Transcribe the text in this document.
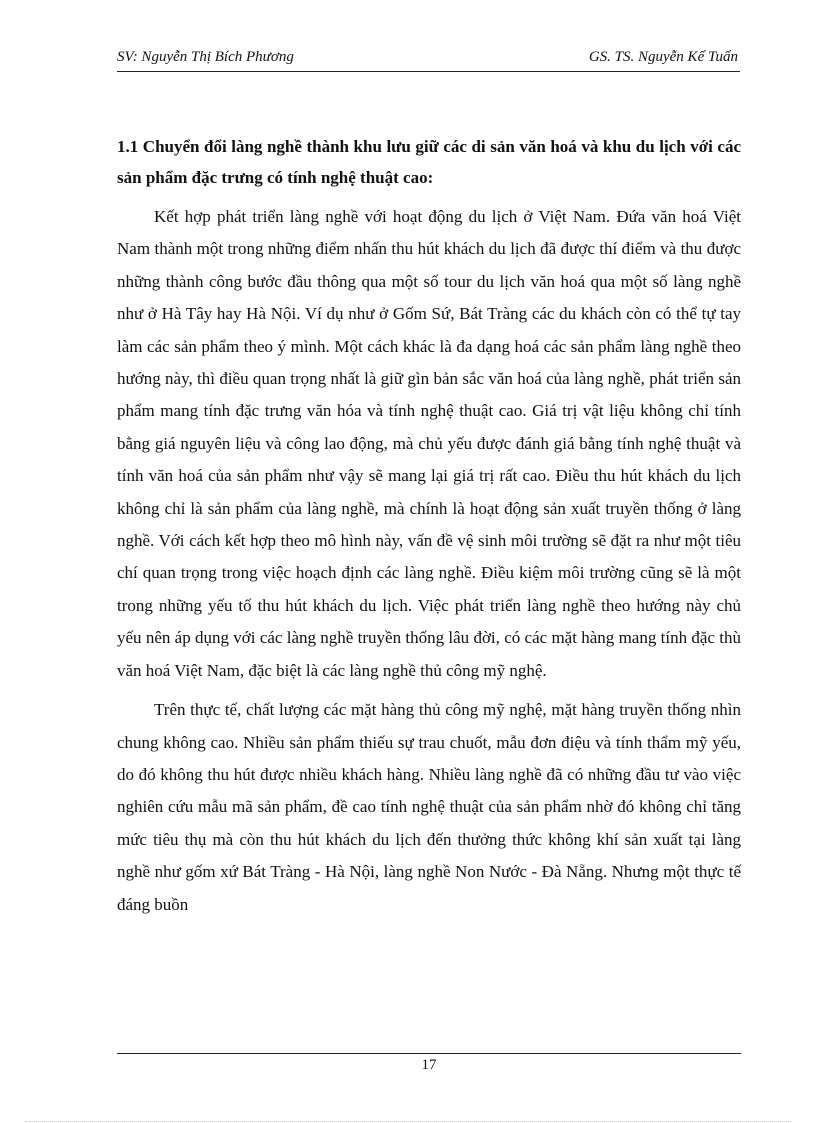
SV: Nguyễn Thị Bích Phương	GS. TS. Nguyễn Kế Tuấn
1.1 Chuyển đổi làng nghề thành khu lưu giữ các di sản văn hoá và khu du lịch với các sản phẩm đặc trưng có tính nghệ thuật cao:

Kết hợp phát triển làng nghề với hoạt động du lịch ở Việt Nam. Đứa văn hoá Việt Nam thành một trong những điểm nhấn thu hút khách du lịch đã được thí điểm và thu được những thành công bước đầu thông qua một số tour du lịch văn hoá qua một số làng nghề như ở Hà Tây hay Hà Nội. Ví dụ như ở Gốm Sứ, Bát Tràng các du khách còn có thể tự tay làm các sản phẩm theo ý mình. Một cách khác là đa dạng hoá các sản phẩm làng nghề theo hướng này, thì điều quan trọng nhất là giữ gìn bản sắc văn hoá của làng nghề, phát triển sản phẩm mang tính đặc trưng văn hóa và tính nghệ thuật cao. Giá trị vật liệu không chỉ tính bằng giá nguyên liệu và công lao động, mà chủ yếu được đánh giá bằng tính nghệ thuật và tính văn hoá của sản phẩm như vậy sẽ mang lại giá trị rất cao. Điều thu hút khách du lịch không chỉ là sản phẩm của làng nghề, mà chính là hoạt động sản xuất truyền thống ở làng nghề. Với cách kết hợp theo mô hình này, vấn đề vệ sinh môi trường sẽ đặt ra như một tiêu chí quan trọng trong việc hoạch định các làng nghề. Điều kiệm môi trường cũng sẽ là một trong những yếu tố thu hút khách du lịch. Việc phát triển làng nghề theo hướng này chủ yếu nên áp dụng với các làng nghề truyền thống lâu đời, có các mặt hàng mang tính đặc thù văn hoá Việt Nam, đặc biệt là các làng nghề thủ công mỹ nghệ.

Trên thực tế, chất lượng các mặt hàng thủ công mỹ nghệ, mặt hàng truyền thống nhìn chung không cao. Nhiều sản phẩm thiếu sự trau chuốt, mẫu đơn điệu và tính thẩm mỹ yếu, do đó không thu hút được nhiều khách hàng. Nhiều làng nghề đã có những đầu tư vào việc nghiên cứu mẫu mã sản phẩm, đề cao tính nghệ thuật của sản phẩm nhờ đó không chỉ tăng mức tiêu thụ mà còn thu hút khách du lịch đến thưởng thức không khí sản xuất tại làng nghề như gốm xứ Bát Tràng - Hà Nội, làng nghề Non Nước - Đà Nẵng. Nhưng một thực tế đáng buồn

17
